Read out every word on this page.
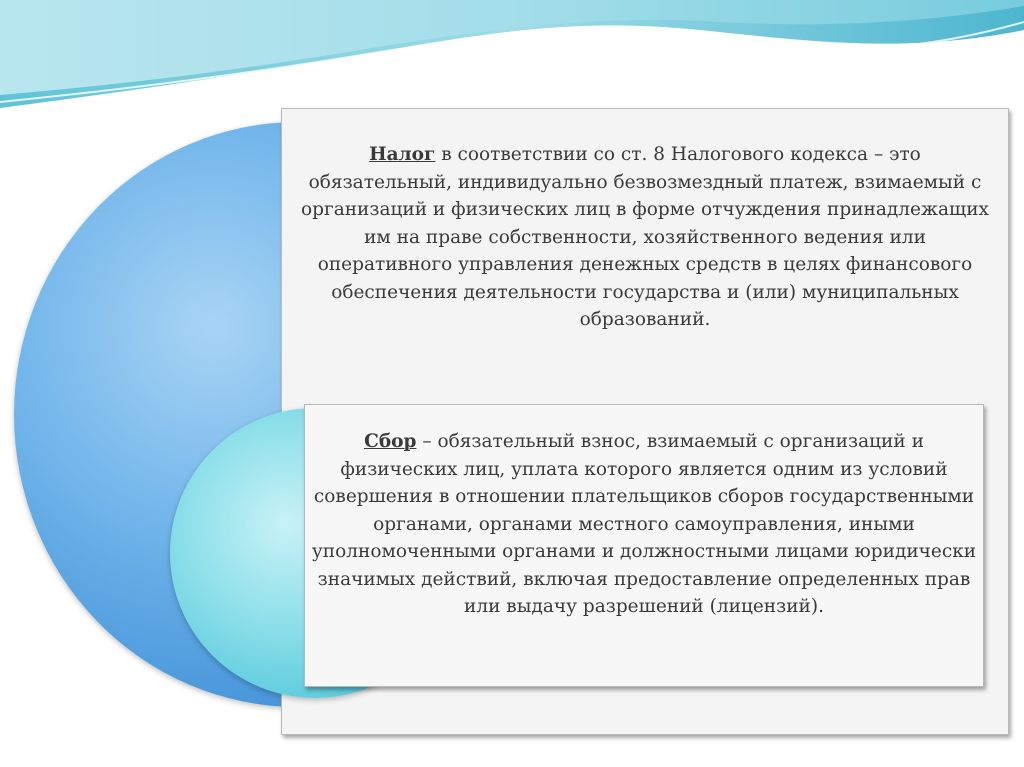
Налог в соответствии со ст. 8 Налогового кодекса – это обязательный, индивидуально безвозмездный платеж, взимаемый с организаций и физических лиц в форме отчуждения принадлежащих им на праве собственности, хозяйственного ведения или оперативного управления денежных средств в целях финансового обеспечения деятельности государства и (или) муниципальных образований.
Сбор – обязательный взнос, взимаемый с организаций и физических лиц, уплата которого является одним из условий совершения в отношении плательщиков сборов государственными органами, органами местного самоуправления, иными уполномоченными органами и должностными лицами юридически значимых действий, включая предоставление определенных прав или выдачу разрешений (лицензий).
